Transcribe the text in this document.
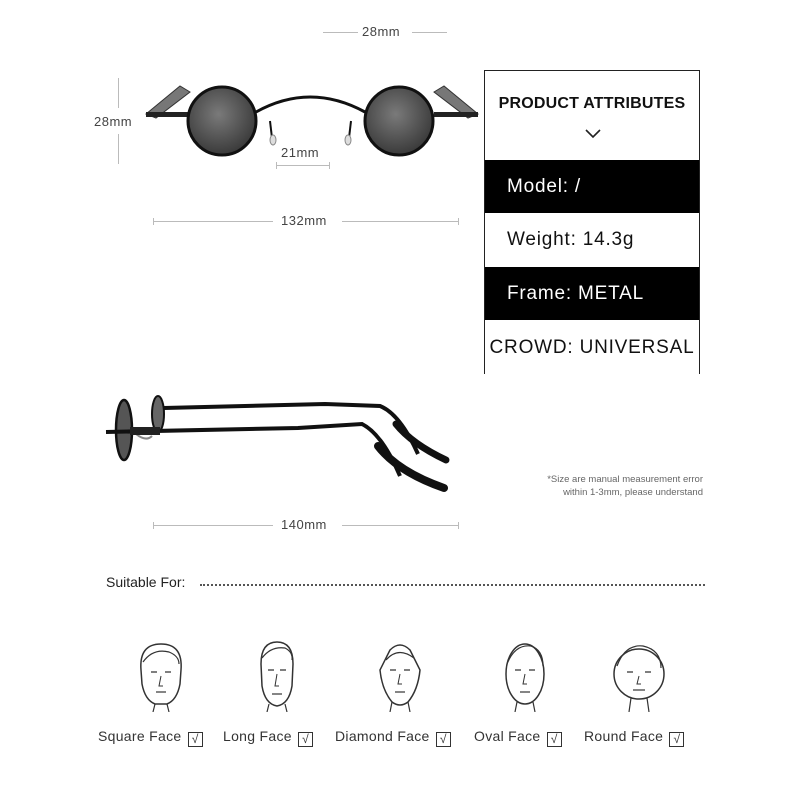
28mm
28mm
21mm
132mm
PRODUCT ATTRIBUTES
Model: /
Weight: 14.3g
Frame: METAL
CROWD: UNIVERSAL
*Size are manual measurement error
within 1-3mm, please understand
140mm
Suitable For:
Square Face √ Long Face √ Diamond Face √ Oval Face √ Round Face √
